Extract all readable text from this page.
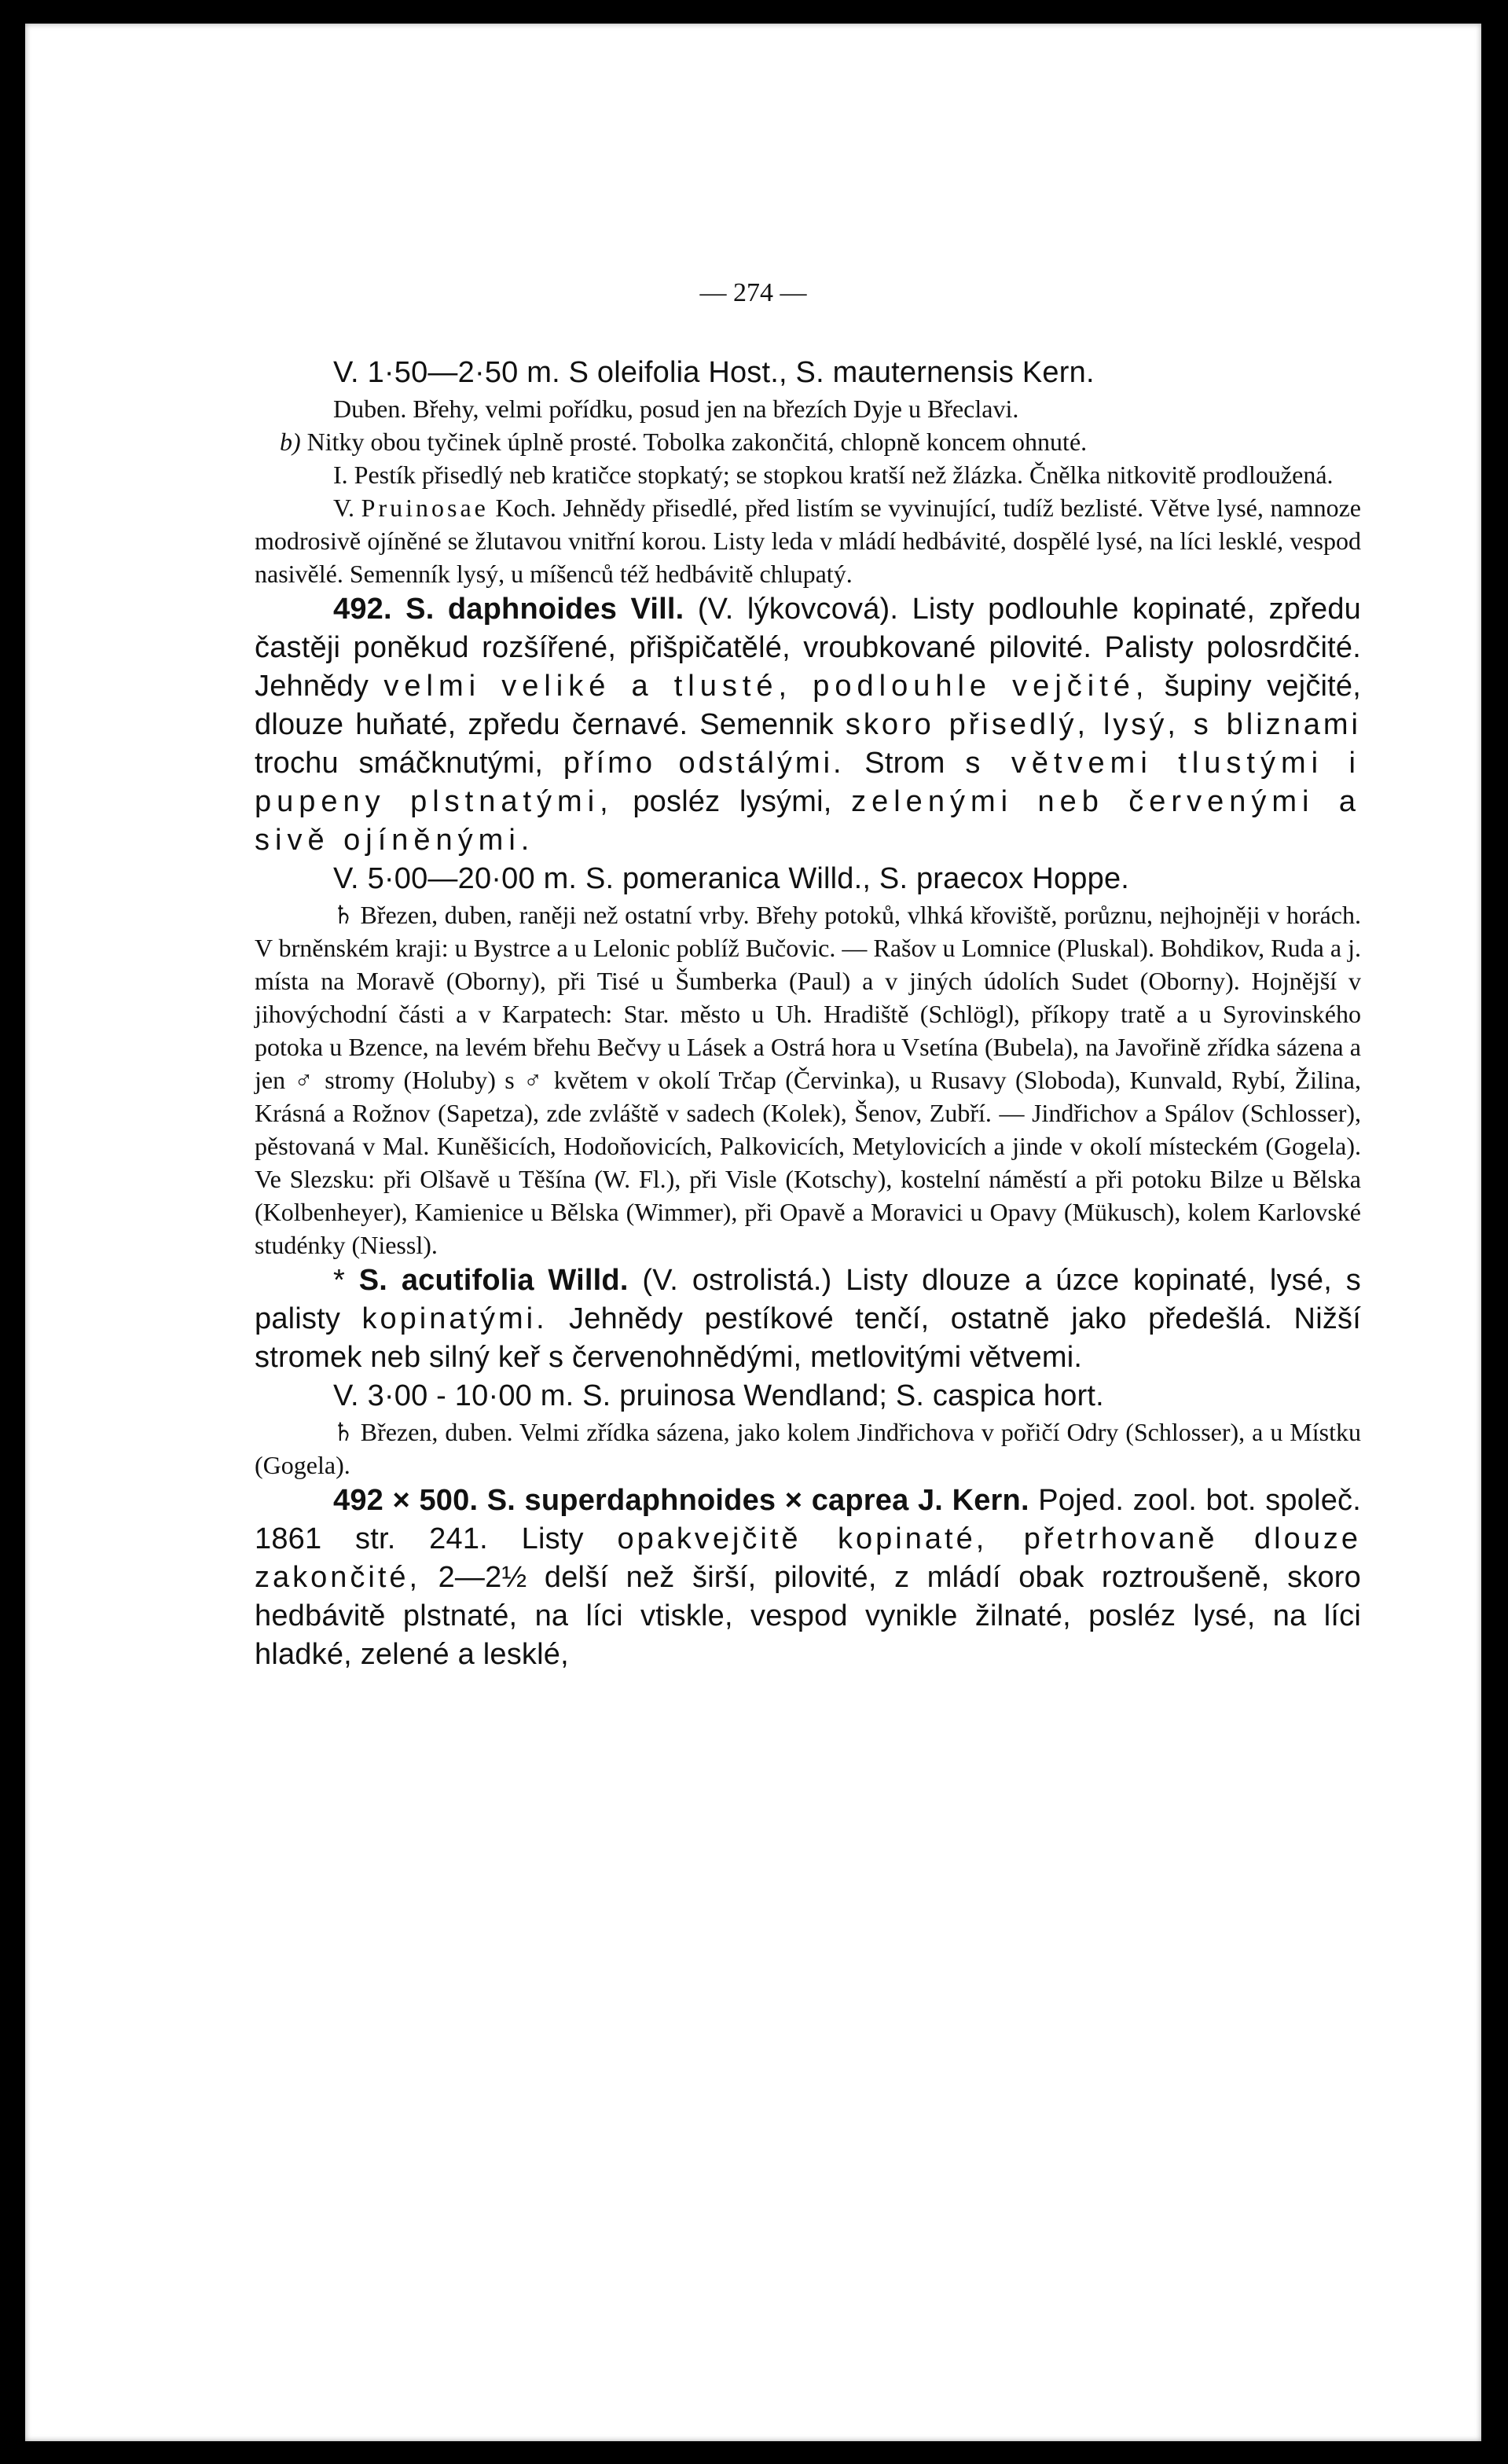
— 274 —

V. 1·50—2·50 m. S oleifolia Host., S. mauternensis Kern.

Duben. Břehy, velmi pořídku, posud jen na březích Dyje u Břeclavi.

b) Nitky obou tyčinek úplně prosté. Tobolka zakončitá, chlopně koncem ohnuté.

I. Pestík přisedlý neb kratičce stopkatý; se stopkou kratší než žlázka. Čnělka nitkovitě prodloužená.

V. Pruinosae Koch. Jehnědy přisedlé, před listím se vyvinující, tudíž bezlisté. Větve lysé, namnoze modrosivě ojíněné se žlutavou vnitřní korou. Listy leda v mládí hedbávité, dospělé lysé, na líci lesklé, vespod nasivělé. Semenník lysý, u míšenců též hedbávitě chlupatý.

492. S. daphnoides Vill. (V. lýkovcová). Listy podlouhle kopinaté, zpředu častěji poněkud rozšířené, přišpičatělé, vroubkované pilovité. Palisty polosrdčité. Jehnědy velmi veliké a tlusté, podlouhle vejčité, šupiny vejčité, dlouze huňaté, zpředu černavé. Semennik skoro přisedlý, lysý, s bliznami trochu smáčknutými, přímo odstálými. Strom s větvemi tlustými i pupeny plstnatými, posléz lysými, zelenými neb červenými a sivě ojíněnými.

V. 5·00—20·00 m. S. pomeranica Willd., S. praecox Hoppe.

♄ Březen, duben, raněji než ostatní vrby. Břehy potoků, vlhká křoviště, porůznu, nejhojněji v horách. V brněnském kraji: u Bystrce a u Lelonic poblíž Bučovic. — Rašov u Lomnice (Pluskal). Bohdikov, Ruda a j. místa na Moravě (Oborny), při Tisé u Šumberka (Paul) a v jiných údolích Sudet (Oborny). Hojnější v jihovýchodní části a v Karpatech: Star. město u Uh. Hradiště (Schlögl), příkopy tratě a u Syrovinského potoka u Bzence, na levém břehu Bečvy u Lásek a Ostrá hora u Vsetína (Bubela), na Javořině zřídka sázena a jen ♂ stromy (Holuby) s ♂ květem v okolí Trčap (Červinka), u Rusavy (Sloboda), Kunvald, Rybí, Žilina, Krásná a Rožnov (Sapetza), zde zvláště v sadech (Kolek), Šenov, Zubří. — Jindřichov a Spálov (Schlosser), pěstovaná v Mal. Kuněšicích, Hodoňovicích, Palkovicích, Metylovicích a jinde v okolí místeckém (Gogela). Ve Slezsku: při Olšavě u Těšína (W. Fl.), při Visle (Kotschy), kostelní náměstí a při potoku Bilze u Bělska (Kolbenheyer), Kamienice u Bělska (Wimmer), při Opavě a Moravici u Opavy (Mükusch), kolem Karlovské studénky (Niessl).

* S. acutifolia Willd. (V. ostrolistá.) Listy dlouze a úzce kopinaté, lysé, s palisty kopinatými. Jehnědy pestíkové tenčí, ostatně jako předešlá. Nižší stromek neb silný keř s červenohnědými, metlovitými větvemi.

V. 3·00 - 10·00 m. S. pruinosa Wendland; S. caspica hort.

♄ Březen, duben. Velmi zřídka sázena, jako kolem Jindřichova v pořičí Odry (Schlosser), a u Místku (Gogela).

492 × 500. S. superdaphnoides × caprea J. Kern. Pojed. zool. bot. společ. 1861 str. 241. Listy opakvejčitě kopinaté, přetrhovaně dlouze zakončité, 2—2½ delší než širší, pilovité, z mládí obak roztroušeně, skoro hedbávitě plstnaté, na líci vtiskle, vespod vynikle žilnaté, posléz lysé, na líci hladké, zelené a lesklé,
